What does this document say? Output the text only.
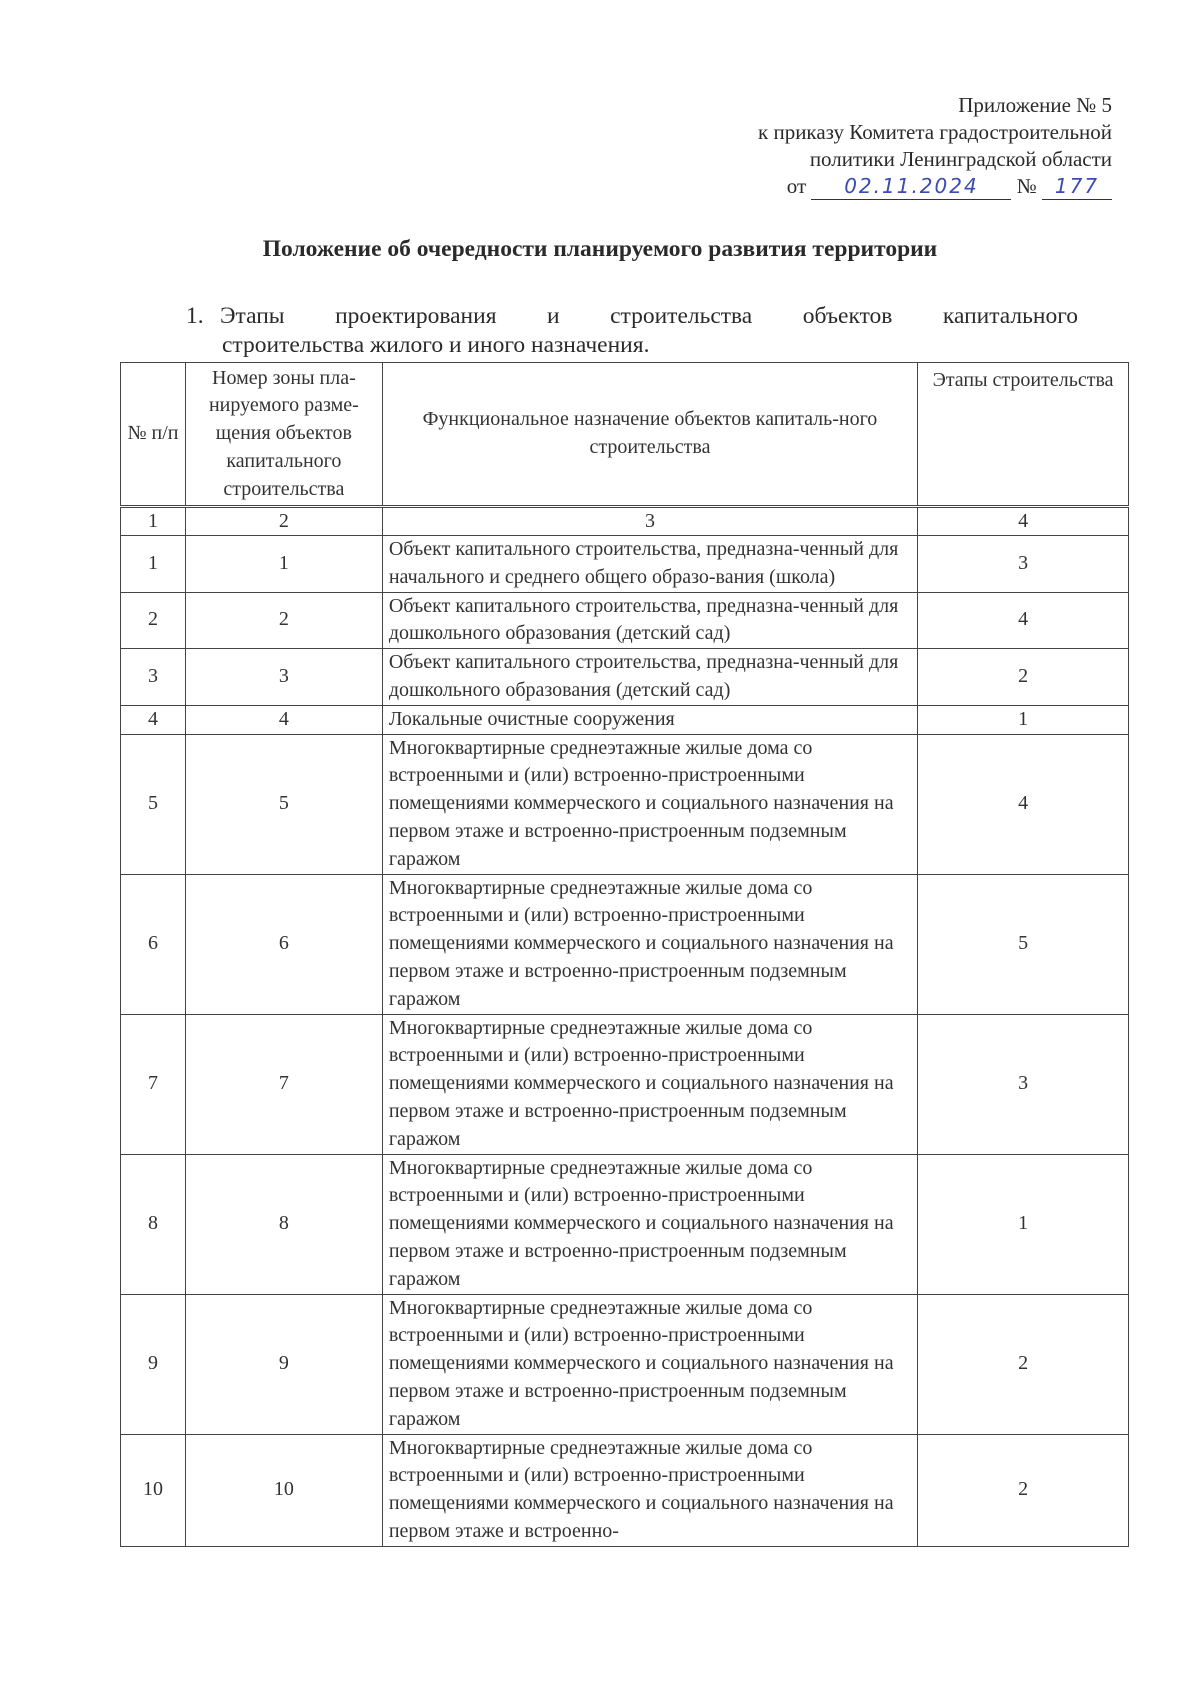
Приложение № 5
к приказу Комитета градостроительной
политики Ленинградской области
от 02.11.2024 № 177
Положение об очередности планируемого развития территории
1. Этапы проектирования и строительства объектов капитального
строительства жилого и иного назначения.
№ п/п	Номер зоны пла-нируемого разме-щения объектов капитального строительства	Функциональное назначение объектов капиталь-ного строительства	Этапы строительства
1	2	3	4
1	1	Объект капитального строительства, предназна-ченный для начального и среднего общего образо-вания (школа)	3
2	2	Объект капитального строительства, предназна-ченный для дошкольного образования (детский сад)	4
3	3	Объект капитального строительства, предназна-ченный для дошкольного образования (детский сад)	2
4	4	Локальные очистные сооружения	1
5	5	Многоквартирные среднеэтажные жилые дома со встроенными и (или) встроенно-пристроенными помещениями коммерческого и социального назначения на первом этаже и встроенно-пристроенным подземным гаражом	4
6	6	Многоквартирные среднеэтажные жилые дома со встроенными и (или) встроенно-пристроенными помещениями коммерческого и социального назначения на первом этаже и встроенно-пристроенным подземным гаражом	5
7	7	Многоквартирные среднеэтажные жилые дома со встроенными и (или) встроенно-пристроенными помещениями коммерческого и социального назначения на первом этаже и встроенно-пристроенным подземным гаражом	3
8	8	Многоквартирные среднеэтажные жилые дома со встроенными и (или) встроенно-пристроенными помещениями коммерческого и социального назначения на первом этаже и встроенно-пристроенным подземным гаражом	1
9	9	Многоквартирные среднеэтажные жилые дома со встроенными и (или) встроенно-пристроенными помещениями коммерческого и социального назначения на первом этаже и встроенно-пристроенным подземным гаражом	2
10	10	Многоквартирные среднеэтажные жилые дома со встроенными и (или) встроенно-пристроенными помещениями коммерческого и социального назначения на первом этаже и встроенно-	2
